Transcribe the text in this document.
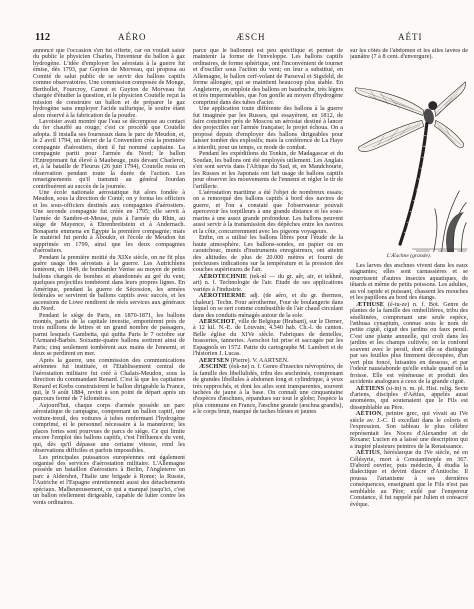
112	AÉRO	ÆSCH	AÉTI

annoncé que l'occasion s'en fut offerte, car on voulait saisir du public le physicien Charles, l'inventeur du ballon à gaz hydrogène. L'idée d'employer les aérostats à la guerre fut émise, dès 1793, par Guyton de Morveau, qui proposa au Comité de salut public de se servir des ballons captifs comme observatoires. Une commission composée de Monge, Berthollet, Fourcroy, Carnot et Guyton de Morveau fut chargée d'étudier la question, et le physicien Coutelle reçut la mission de construire un ballon et de préparer le gaz hydrogène sans employer l'acide sulfurique, le soufre étant alors réservé à la fabrication de la poudre.

Lavoisier avait montré que l'eau se décompose au contact du fer chauffé au rouge; c'est ce procédé que Coutelle adopta. Il installa ses fourneaux dans le parc de Meudon, et, le 2 avril 1794, un décret de la Convention créa la première compagnie d'aérostiers, dont il fut nommé capitaine. La compagnie partit pour l'armée du Nord; le ballon l'Entreprenant fut élevé à Maubeuge, puis devant Charleroi, et, à la bataille de Fleurus (26 juin 1794), Coutelle resta en observation pendant toute la durée de l'action. Les renseignements qu'il transmit au général Jourdan contribuèrent au succès de la journée.

Une école nationale aérostatique fut alors fondée à Meudon, sous la direction de Conté; on y forma les officiers et les sous-officiers destinés aux compagnies d'aérostiers. Une seconde compagnie fut créée en 1795; elle servit à l'armée de Sambre-et-Meuse, puis à l'armée du Rhin, au siège de Mayence, à Ehrenbreitstein et à Andernach. Bonaparte emmena en Égypte la première compagnie; mais le matériel fut perdu à Aboukir, et l'école de Meudon fut supprimée en 1799, ainsi que les deux compagnies d'aérostiers.

Pendant la première moitié du XIXe siècle, on ne fit plus guère usage des aérostats à la guerre. Les Autrichiens tentèrent, en 1849, de bombarder Venise au moyen de petits ballons chargés de bombes et abandonnés au gré du vent; quelques projectiles tombèrent dans leurs propres lignes. En Amérique, pendant la guerre de Sécession, les armées fédérales se servirent de ballons captifs avec succès, et les ascensions de Lowe rendirent de réels services aux généraux du Nord.

Pendant le siège de Paris, en 1870-1871, les ballons montés, partis de la capitale investie, emportèrent près de trois millions de lettres et un grand nombre de passagers, parmi lesquels Gambetta, qui quitta Paris le 7 octobre sur l'Armand-Barbès. Soixante-quatre ballons sortirent ainsi de Paris; cinq seulement tombèrent aux mains de l'ennemi, et deux se perdirent en mer.

Après la guerre, une commission des communications aériennes fut instituée, et l'Etablissement central de l'aérostation militaire fut créé à Chalais-Meudon, sous la direction du commandant Renard. C'est là que les capitaines Renard et Krebs construisirent le ballon dirigeable la France, qui, le 9 août 1884, revint à son point de départ après un parcours fermé de 7 kilomètres.

Aujourd'hui, chaque corps d'armée possède un parc aérostatique de campagne, comprenant un ballon captif, une voiture-treuil, des voitures à tubes renfermant l'hydrogène comprimé, et le personnel nécessaire à la manœuvre; les places fortes sont pourvues de parcs de siège. Ce qui limite encore l'emploi des ballons captifs, c'est l'influence du vent, qui, dès qu'il dépasse une certaine vitesse, rend les observations difficiles et parfois impossibles.

Les principales puissances européennes ont également organisé des services d'aérostation militaire. L'Allemagne possède un bataillon d'aérostiers à Berlin, l'Angleterre un parc à Aldershot, l'Italie une brigade à Rome; la Russie, l'Autriche et l'Espagne entretiennent aussi des détachements spéciaux. Malheureusement, ce qui a manqué jusqu'ici, c'est un ballon réellement dirigeable, capable de lutter contre les vents ordinaires.

parce que le ballonnet est peu spécifique et permet de maintenir la forme de l'enveloppe. Les ballons captifs ordinaires, de forme sphérique, ont l'inconvénient de tourner et d'osciller sous l'action du vent; on leur a substitué, en Allemagne, le ballon cerf-volant de Parseval et Sigsfeld, de forme allongée, qui se maintient beaucoup plus stable. En Angleterre, on emploie des ballons en baudruche, très légers et très imperméables, que l'on gonfle au moyen d'hydrogène comprimé dans des tubes d'acier.

Une application toute différente des ballons à la guerre fut imaginée par les Russes, qui essayèrent, en 1812, de faire construire près de Moscou un aérostat destiné à lancer des projectiles sur l'armée française; le projet échoua. On a proposé depuis d'employer des ballons dirigeables pour laisser tomber des explosifs; mais la conférence de La Haye a interdit, pour un temps, ce mode de combat.

Pendant les expéditions du Tonkin, de Madagascar et du Soudan, les ballons ont été employés utilement. Les Anglais s'en sont servis dans l'Afrique du Sud, et, en Mandchourie, les Russes et les Japonais ont fait usage de ballons captifs pour observer les mouvements de l'ennemi et régler le tir de l'artillerie.

L'aérostation maritime a été l'objet de nombreux essais; on a remorqué des ballons captifs à bord des navires de guerre, et l'on a constaté que l'observateur pouvait apercevoir les torpilleurs à une grande distance et les sous-marins à une assez grande profondeur. Les ballons peuvent aussi servir à la transmission des dépêches entre les navires et la côte, concurremment avec les pigeons voyageurs.

Enfin, on a utilisé les ballons libres pour l'étude de la haute atmosphère. Les ballons-sondes, en papier ou en caoutchouc, munis d'instruments enregistreurs, ont atteint des altitudes de plus de 20.000 mètres et fourni de précieuses indications sur la température et la pression des couches supérieures de l'air.

AÉROTECHNIE (tek-nî — du gr. aêr, air, et tekhnê, art) n. f. Technologie de l'air. Etude de ses applications variées à l'industrie.

AÉROTHERME adj. (de aéro, et du gr. thermos, chaleur). Techn. Four aérotherme, Four de boulangerie dans lequel on se sert comme combustible de l'air chaud circulant dans des conduits ménagés autour de la sole.

AERSCHOT, ville de Belgique (Brabant), sur le Demer, à 12 kil. N.-E. de Louvain; 4.340 hab. Ch.-l. de canton. Belle église du XIVe siècle. Fabriques de dentelles, brasseries, tanneries. Aerschot fut prise et saccagée par les Espagnols en 1572. Patrie du cartographe M. Lambert et de l'historien J. Lucas.

AERTSEN (Pierre). V. AARTSEN.

ÆSCHNE (èsk-ne) n. f. Genre d'insectes névroptères, de la famille des libellulidés, tribu des æschninés, comprenant de grandes libellules à abdomen long et cylindrique, à yeux très rapprochés, et dont les ailes sont transparentes, souvent tachées de jaune à la base. On connaît une cinquantaine d'espèces d'æschnes, répandues sur tout le globe; l'espèce la plus commune en France, l'æschne grande (æschna grandis), a le corps brun, marqué de taches bleues et jaunes

sur les côtés de l'abdomen et les ailes lavées de jaunâtre (7 à 8 cent. d'envergure).

L'Æschne (grande).

Les larves des æschnes vivent dans les eaux stagnantes; elles sont carnassières et se nourrissent d'autres insectes aquatiques, de têtards et même de petits poissons. Les adultes, au vol rapide et puissant, chassent les mouches et les papillons au bord des étangs.

ÆTHUSE (é-tu-ze) n. f. Bot. Genre de plantes de la famille des ombellifères, tribu des séséliinées, comprenant une seule espèce, l'æthusa cynapium, connue sous le nom de petite ciguë, ciguë des jardins ou faux persil. C'est une plante annuelle, qui croît dans les jardins et les champs cultivés; on la confond souvent avec le persil, dont elle se distingue par ses feuilles plus finement découpées, d'un vert plus foncé, luisantes en dessous, et par l'odeur nauséabonde qu'elle exhale quand on la froisse. Elle est vénéneuse et produit des accidents analogues à ceux de la grande ciguë.

AÉTIENS (si-in) n. m. pl. Hist. relig. Secte d'ariens, disciples d'Aétius, appelés aussi anoméens, qui soutenaient que le Fils est dissemblable au Père.

AÉTION, peintre grec, qui vivait au IVe siècle av. J.-C. Il excellait dans le coloris et l'expression. Son tableau le plus célèbre représentait les Noces d'Alexandre et de Roxane; Lucien en a laissé une description qui a inspiré plusieurs peintres de la Renaissance.

AÉTIUS, hérésiarque du IVe siècle, né en Célésyrie, mort à Constantinople en 367. D'abord ouvrier, puis médecin, il étudia la dialectique et devint diacre d'Antioche. Il poussa l'arianisme à ses dernières conséquences, enseignant que le Fils n'est pas semblable au Père; exilé par l'empereur Constance, il fut rappelé par Julien et consacré évêque.
